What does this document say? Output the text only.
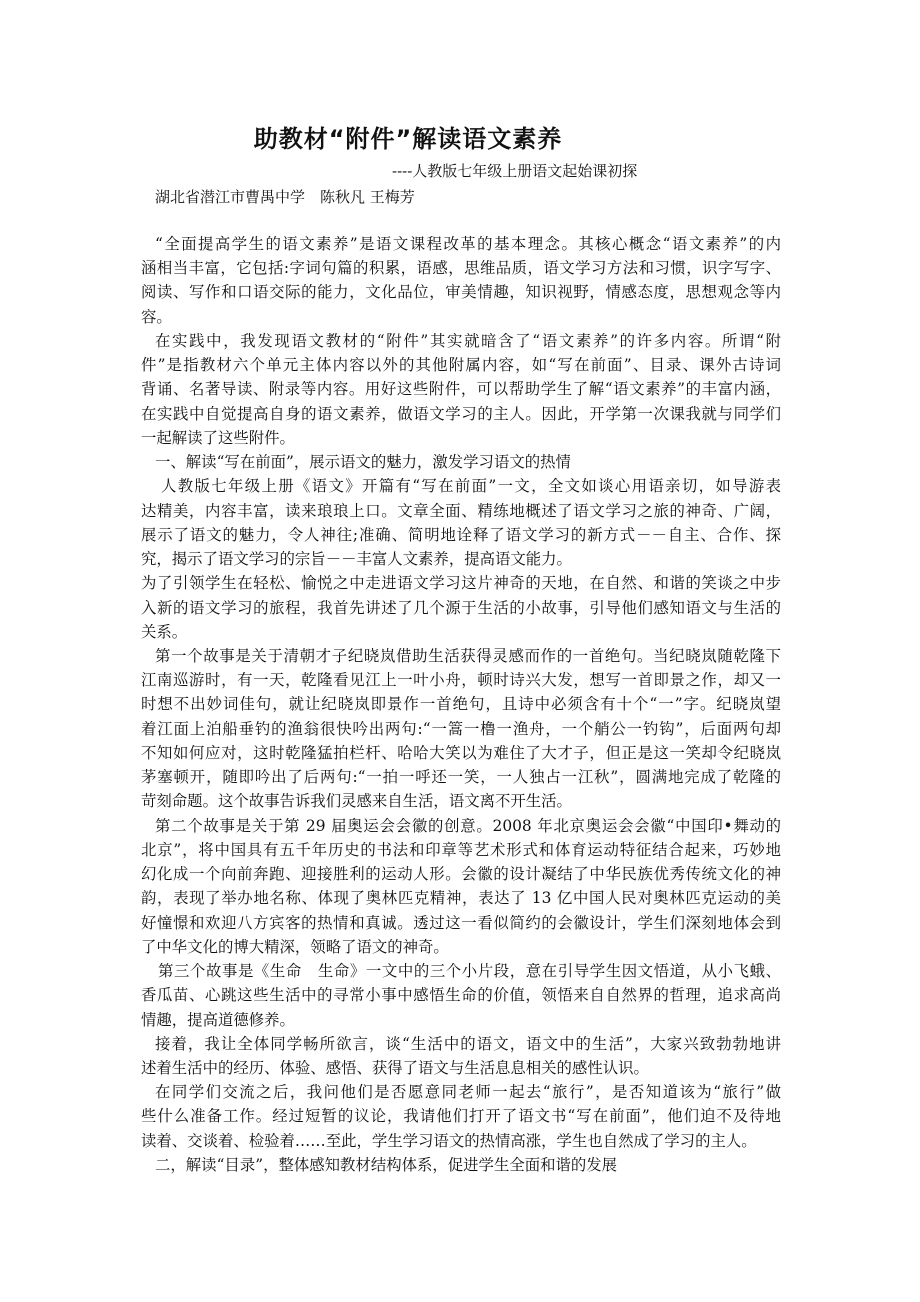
助教材“附件”解读语文素养
----人教版七年级上册语文起始课初探
湖北省潜江市曹禺中学　陈秋凡 王梅芳
“全面提高学生的语文素养”是语文课程改革的基本理念。其核心概念“语文素养”的内
涵相当丰富，它包括:字词句篇的积累，语感，思维品质，语文学习方法和习惯，识字写字、
阅读、写作和口语交际的能力，文化品位，审美情趣，知识视野，情感态度，思想观念等内
容。
在实践中，我发现语文教材的“附件”其实就暗含了“语文素养”的许多内容。所谓“附
件”是指教材六个单元主体内容以外的其他附属内容，如“写在前面”、目录、课外古诗词
背诵、名著导读、附录等内容。用好这些附件，可以帮助学生了解“语文素养”的丰富内涵，
在实践中自觉提高自身的语文素养，做语文学习的主人。因此，开学第一次课我就与同学们
一起解读了这些附件。
一、解读“写在前面”，展示语文的魅力，激发学习语文的热情
人教版七年级上册《语文》开篇有“写在前面”一文，全文如谈心用语亲切，如导游表
达精美，内容丰富，读来琅琅上口。文章全面、精练地概述了语文学习之旅的神奇、广阔，
展示了语文的魅力，令人神往;准确、简明地诠释了语文学习的新方式－－自主、合作、探
究，揭示了语文学习的宗旨－－丰富人文素养，提高语文能力。
为了引领学生在轻松、愉悦之中走进语文学习这片神奇的天地，在自然、和谐的笑谈之中步
入新的语文学习的旅程，我首先讲述了几个源于生活的小故事，引导他们感知语文与生活的
关系。
第一个故事是关于清朝才子纪晓岚借助生活获得灵感而作的一首绝句。当纪晓岚随乾隆下
江南巡游时，有一天，乾隆看见江上一叶小舟，顿时诗兴大发，想写一首即景之作，却又一
时想不出妙词佳句，就让纪晓岚即景作一首绝句，且诗中必须含有十个“一”字。纪晓岚望
着江面上泊船垂钓的渔翁很快吟出两句:“一篙一橹一渔舟，一个艄公一钓钩”，后面两句却
不知如何应对，这时乾隆猛拍栏杆、哈哈大笑以为难住了大才子，但正是这一笑却令纪晓岚
茅塞顿开，随即吟出了后两句:“一拍一呼还一笑，一人独占一江秋”，圆满地完成了乾隆的
苛刻命题。这个故事告诉我们灵感来自生活，语文离不开生活。
第二个故事是关于第 29 届奥运会会徽的创意。2008 年北京奥运会会徽“中国印•舞动的
北京”，将中国具有五千年历史的书法和印章等艺术形式和体育运动特征结合起来，巧妙地
幻化成一个向前奔跑、迎接胜利的运动人形。会徽的设计凝结了中华民族优秀传统文化的神
韵，表现了举办地名称、体现了奥林匹克精神，表达了 13 亿中国人民对奥林匹克运动的美
好憧憬和欢迎八方宾客的热情和真诚。透过这一看似简约的会徽设计，学生们深刻地体会到
了中华文化的博大精深，领略了语文的神奇。
第三个故事是《生命　生命》一文中的三个小片段，意在引导学生因文悟道，从小飞蛾、
香瓜苗、心跳这些生活中的寻常小事中感悟生命的价值，领悟来自自然界的哲理，追求高尚
情趣，提高道德修养。
接着，我让全体同学畅所欲言，谈“生活中的语文，语文中的生活”，大家兴致勃勃地讲
述着生活中的经历、体验、感悟、获得了语文与生活息息相关的感性认识。
在同学们交流之后，我问他们是否愿意同老师一起去“旅行”，是否知道该为“旅行”做
些什么准备工作。经过短暂的议论，我请他们打开了语文书“写在前面”，他们迫不及待地
读着、交谈着、检验着……至此，学生学习语文的热情高涨，学生也自然成了学习的主人。
二，解读“目录”，整体感知教材结构体系，促进学生全面和谐的发展
